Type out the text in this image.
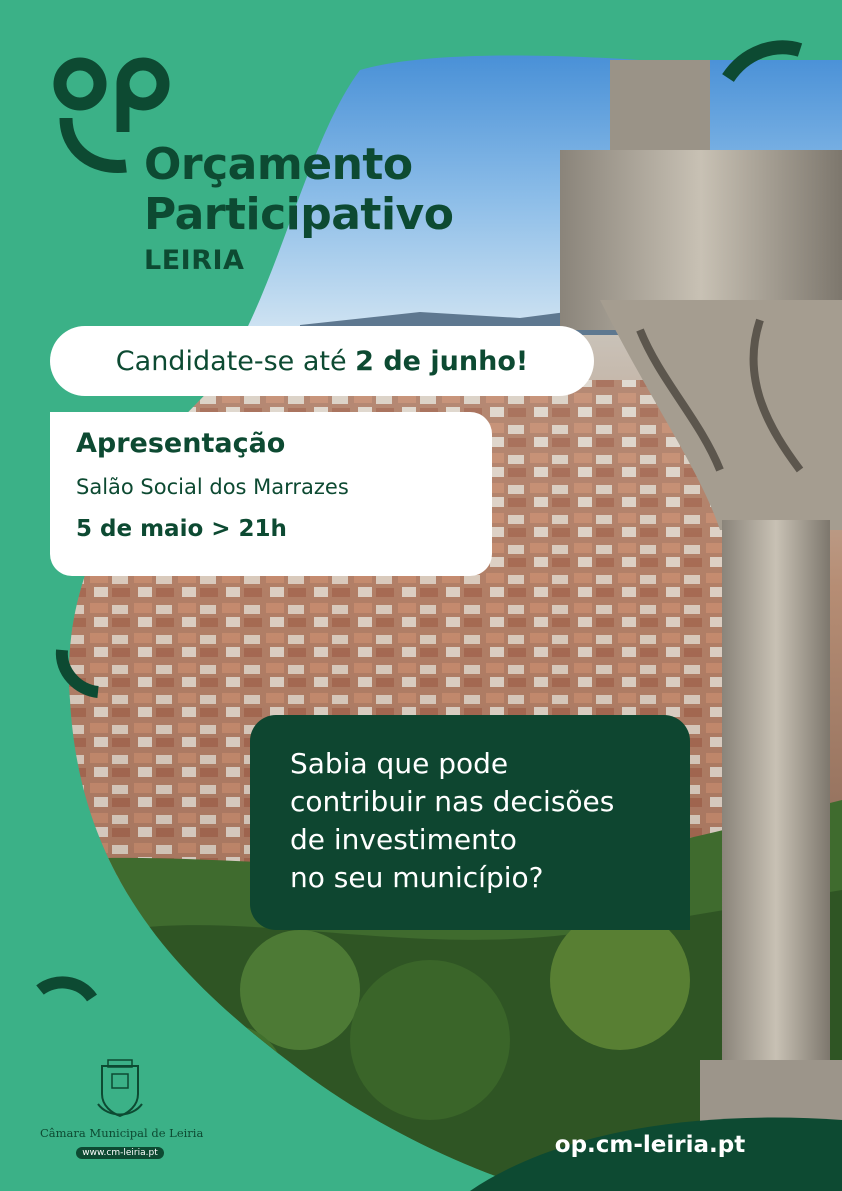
Orçamento
Participativo
LEIRIA
Candidate-se até 2 de junho!
Apresentação
Salão Social dos Marrazes
5 de maio > 21h
Sabia que pode
contribuir nas decisões
de investimento
no seu município?
Câmara Municipal de Leiria
www.cm-leiria.pt	op.cm-leiria.pt
